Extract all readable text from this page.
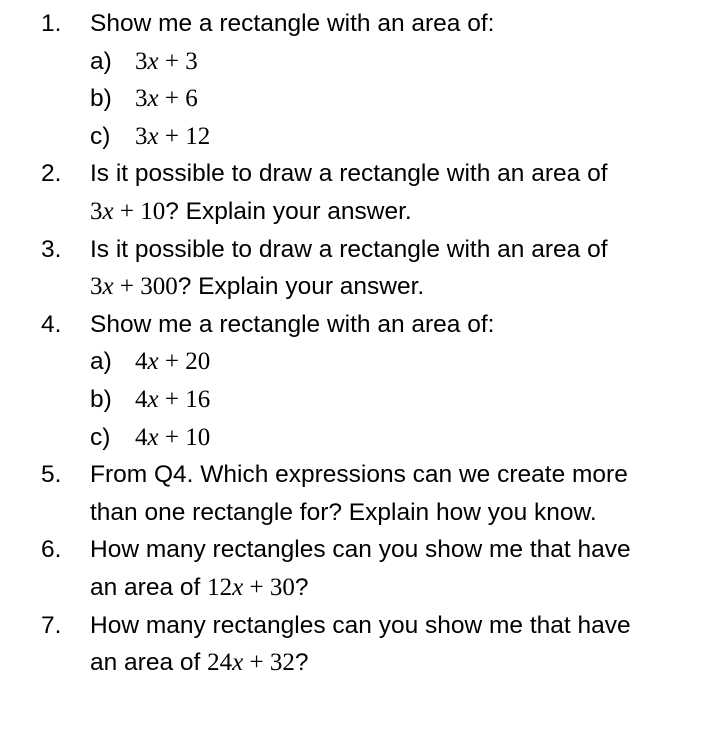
1. Show me a rectangle with an area of:
a) 3x + 3
b) 3x + 6
c) 3x + 12
2. Is it possible to draw a rectangle with an area of
3x + 10? Explain your answer.
3. Is it possible to draw a rectangle with an area of
3x + 300? Explain your answer.
4. Show me a rectangle with an area of:
a) 4x + 20
b) 4x + 16
c) 4x + 10
5. From Q4. Which expressions can we create more
than one rectangle for? Explain how you know.
6. How many rectangles can you show me that have
an area of 12x + 30?
7. How many rectangles can you show me that have
an area of 24x + 32?
